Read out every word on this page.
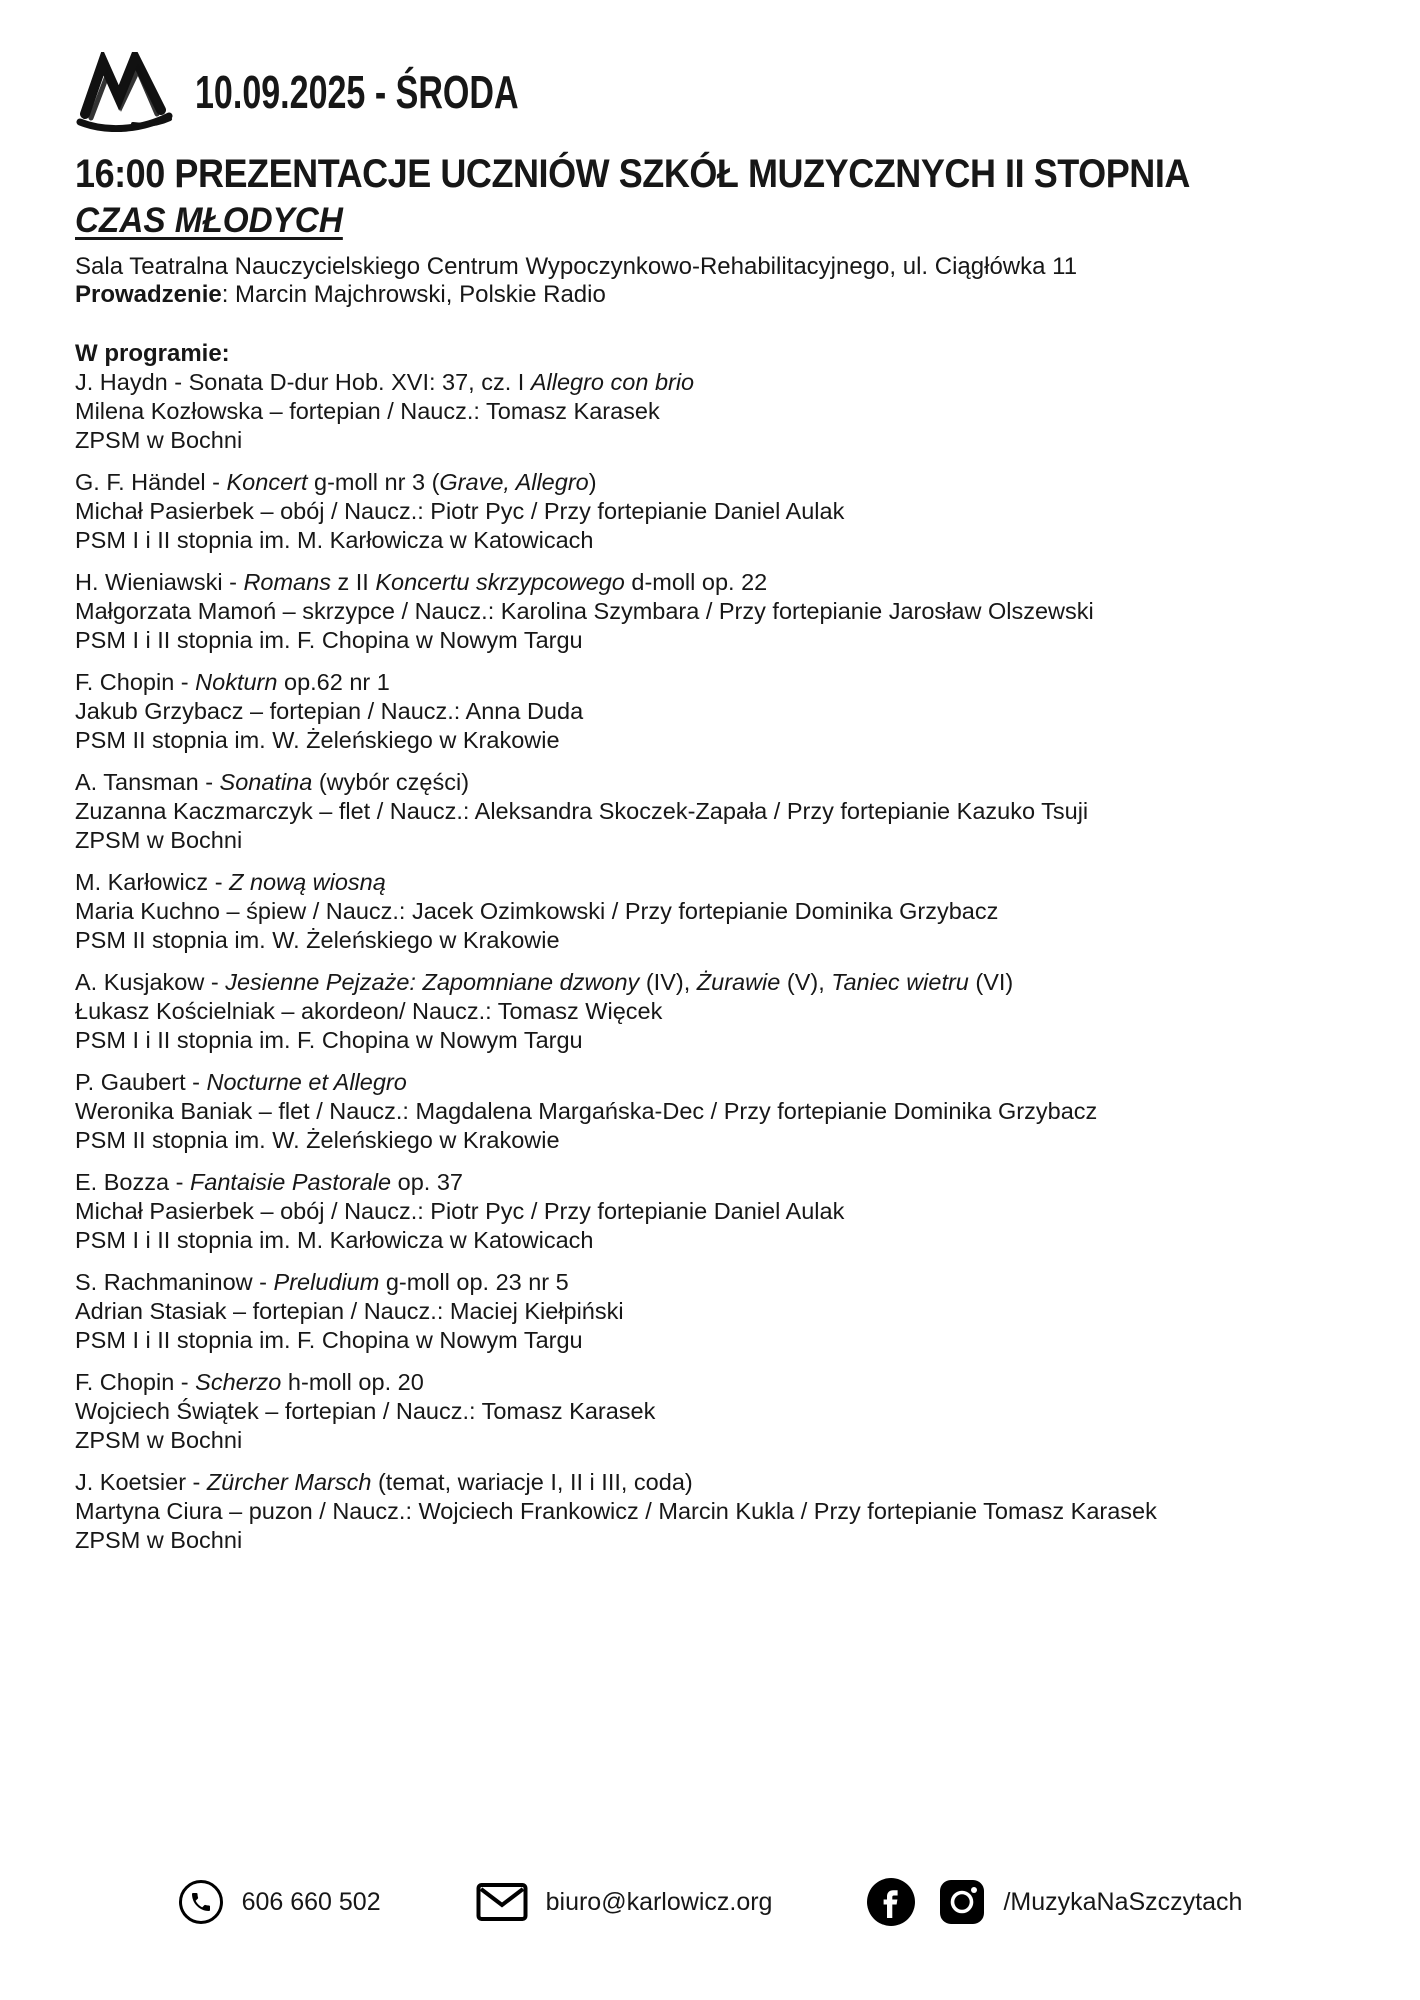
10.09.2025 - ŚRODA
16:00 PREZENTACJE UCZNIÓW SZKÓŁ MUZYCZNYCH II STOPNIA
CZAS MŁODYCH

Sala Teatralna Nauczycielskiego Centrum Wypoczynkowo-Rehabilitacyjnego, ul. Ciągłówka 11

Prowadzenie: Marcin Majchrowski, Polskie Radio

W programie:
J. Haydn - Sonata D-dur Hob. XVI: 37, cz. I Allegro con brio
Milena Kozłowska – fortepian / Naucz.: Tomasz Karasek
ZPSM w Bochni
G. F. Händel - Koncert g-moll nr 3 (Grave, Allegro)
Michał Pasierbek – obój / Naucz.: Piotr Pyc / Przy fortepianie Daniel Aulak
PSM I i II stopnia im. M. Karłowicza w Katowicach
H. Wieniawski - Romans z II Koncertu skrzypcowego d-moll op. 22
Małgorzata Mamoń – skrzypce / Naucz.: Karolina Szymbara / Przy fortepianie Jarosław Olszewski
PSM I i II stopnia im. F. Chopina w Nowym Targu
F. Chopin - Nokturn op.62 nr 1
Jakub Grzybacz – fortepian / Naucz.: Anna Duda
PSM II stopnia im. W. Żeleńskiego w Krakowie
A. Tansman - Sonatina (wybór części)
Zuzanna Kaczmarczyk – flet / Naucz.: Aleksandra Skoczek-Zapała / Przy fortepianie Kazuko Tsuji
ZPSM w Bochni
M. Karłowicz - Z nową wiosną
Maria Kuchno – śpiew / Naucz.: Jacek Ozimkowski / Przy fortepianie Dominika Grzybacz
PSM II stopnia im. W. Żeleńskiego w Krakowie
A. Kusjakow - Jesienne Pejzaże: Zapomniane dzwony (IV), Żurawie (V), Taniec wietru (VI)
Łukasz Kościelniak – akordeon/ Naucz.: Tomasz Więcek
PSM I i II stopnia im. F. Chopina w Nowym Targu
P. Gaubert - Nocturne et Allegro
Weronika Baniak – flet / Naucz.: Magdalena Margańska-Dec / Przy fortepianie Dominika Grzybacz
PSM II stopnia im. W. Żeleńskiego w Krakowie
E. Bozza - Fantaisie Pastorale op. 37
Michał Pasierbek – obój / Naucz.: Piotr Pyc / Przy fortepianie Daniel Aulak
PSM I i II stopnia im. M. Karłowicza w Katowicach
S. Rachmaninow - Preludium g-moll op. 23 nr 5
Adrian Stasiak – fortepian / Naucz.: Maciej Kiełpiński
PSM I i II stopnia im. F. Chopina w Nowym Targu
F. Chopin - Scherzo h-moll op. 20
Wojciech Świątek – fortepian / Naucz.: Tomasz Karasek
ZPSM w Bochni
J. Koetsier - Zürcher Marsch (temat, wariacje I, II i III, coda)
Martyna Ciura – puzon / Naucz.: Wojciech Frankowicz / Marcin Kukla / Przy fortepianie Tomasz Karasek
ZPSM w Bochni
606 660 502	biuro@karlowicz.org	/MuzykaNaSzczytach
